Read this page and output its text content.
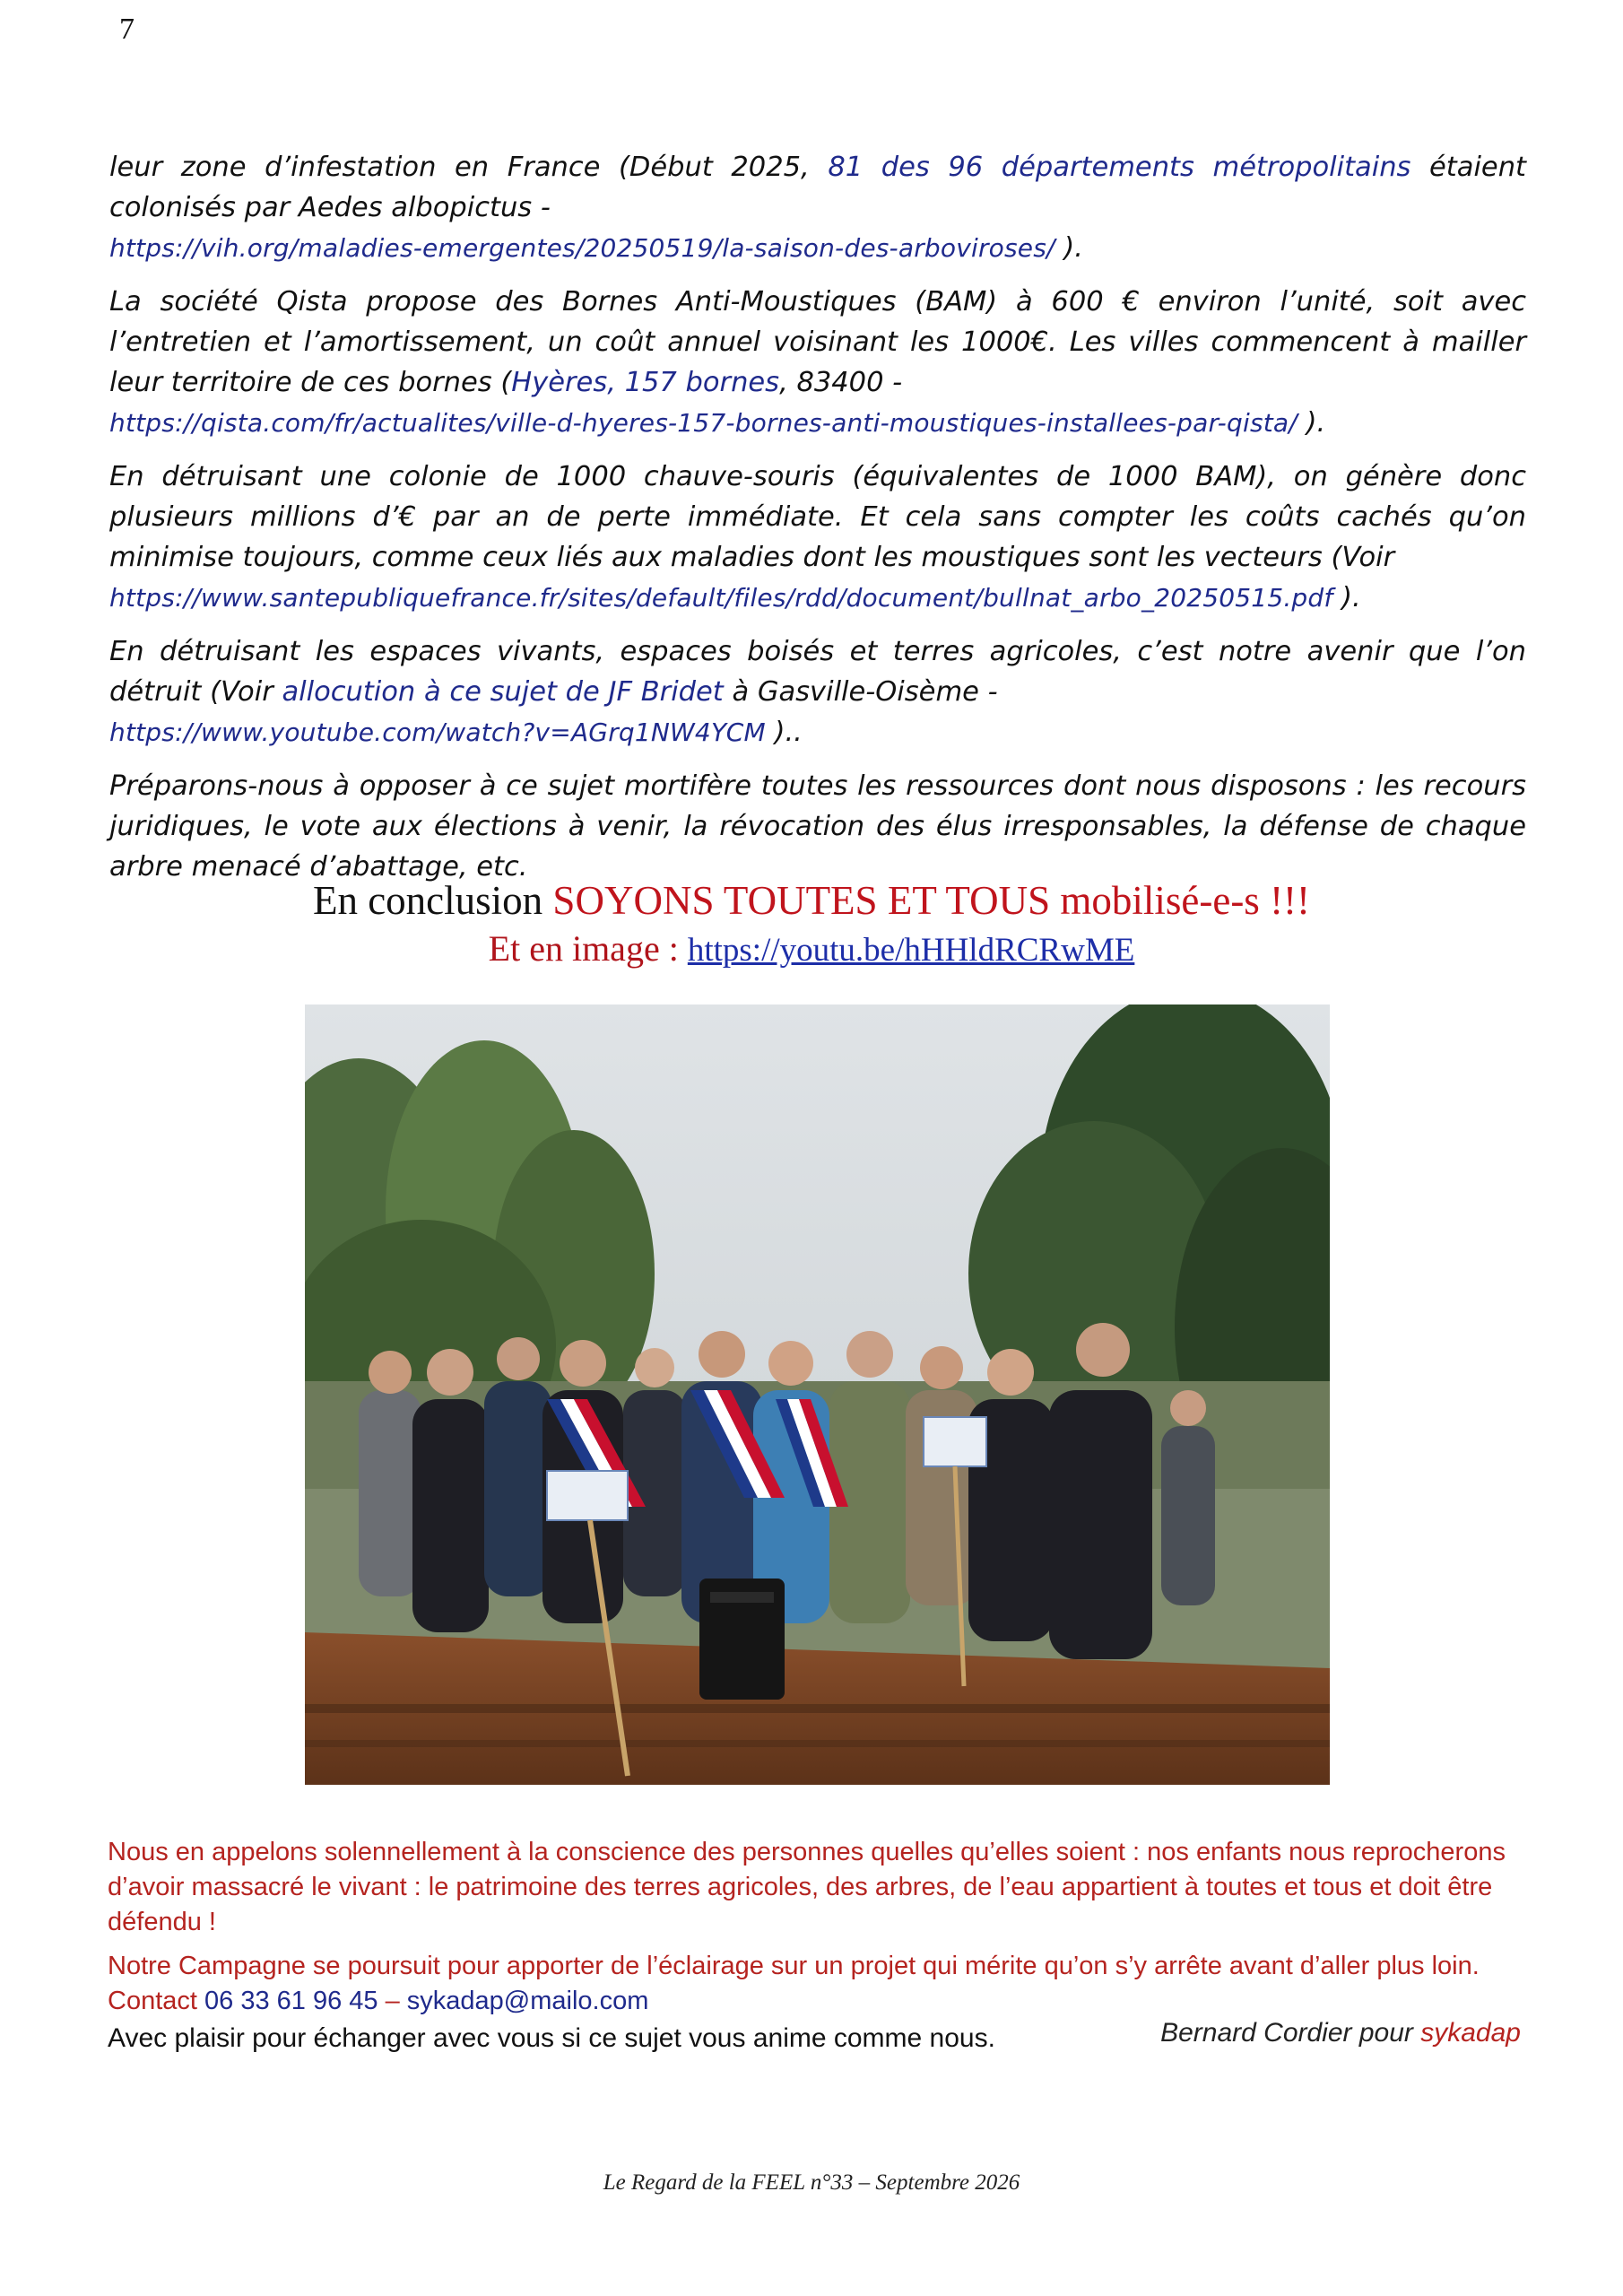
7

leur zone d’infestation en France (Début 2025, 81 des 96 départements métropolitains étaient colonisés par Aedes albopictus -
https://vih.org/maladies-emergentes/20250519/la-saison-des-arboviroses/ ).

La société Qista propose des Bornes Anti-Moustiques (BAM) à 600 € environ l’unité, soit avec l’entretien et l’amortissement, un coût annuel voisinant les 1000€. Les villes commencent à mailler leur territoire de ces bornes (Hyères, 157 bornes, 83400 -
https://qista.com/fr/actualites/ville-d-hyeres-157-bornes-anti-moustiques-installees-par-qista/ ).

En détruisant une colonie de 1000 chauve-souris (équivalentes de 1000 BAM), on génère donc plusieurs millions d’€ par an de perte immédiate. Et cela sans compter les coûts cachés qu’on minimise toujours, comme ceux liés aux maladies dont les moustiques sont les vecteurs (Voir
https://www.santepubliquefrance.fr/sites/default/files/rdd/document/bullnat_arbo_20250515.pdf ).

En détruisant les espaces vivants, espaces boisés et terres agricoles, c’est notre avenir que l’on détruit (Voir allocution à ce sujet de JF Bridet à Gasville-Oisème -
https://www.youtube.com/watch?v=AGrq1NW4YCM )..

Préparons-nous à opposer à ce sujet mortifère toutes les ressources dont nous disposons : les recours juridiques, le vote aux élections à venir, la révocation des élus irresponsables, la défense de chaque arbre menacé d’abattage, etc.

En conclusion SOYONS TOUTES ET TOUS mobilisé-e-s !!!
Et en image : https://youtu.be/hHHldRCRwME

Nous en appelons solennellement à la conscience des personnes quelles qu’elles soient : nos enfants nous reprocherons d’avoir massacré le vivant : le patrimoine des terres agricoles, des arbres, de l’eau appartient à toutes et tous et doit être défendu !

Notre Campagne se poursuit pour apporter de l’éclairage sur un projet qui mérite qu’on s’y arrête avant d’aller plus loin.

Contact 06 33 61 96 45 – sykadap@mailo.com

Avec plaisir pour échanger avec vous si ce sujet vous anime comme nous.	Bernard Cordier pour sykadap
Le Regard de la FEEL n°33 – Septembre 2026
